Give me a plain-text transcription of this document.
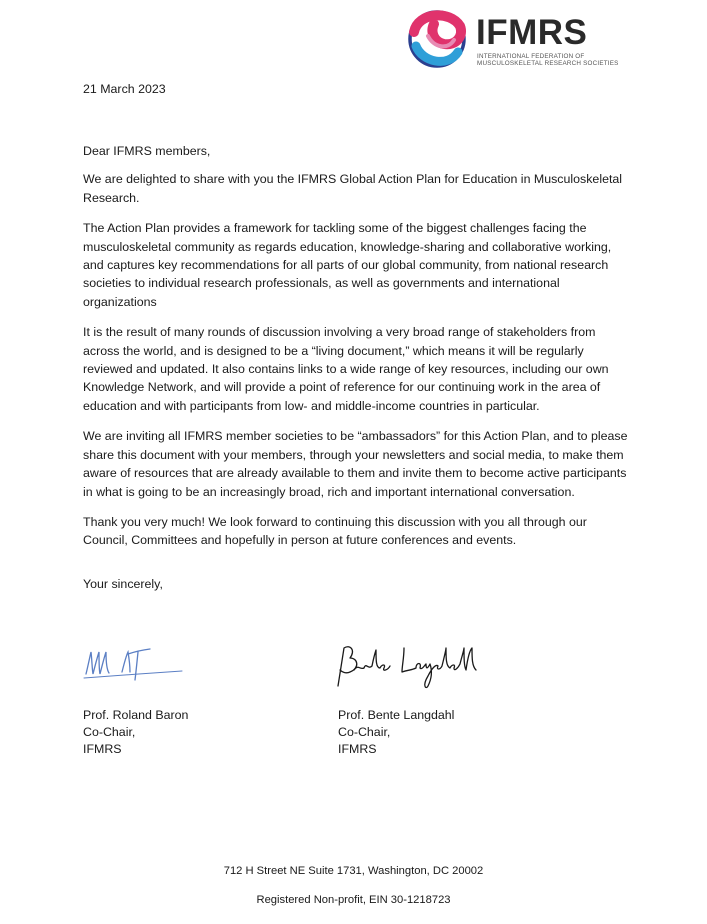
IFMRS
INTERNATIONAL FEDERATION OF
MUSCULOSKELETAL RESEARCH SOCIETIES

21 March 2023

Dear IFMRS members,

We are delighted to share with you the IFMRS Global Action Plan for Education in Musculoskeletal Research.

The Action Plan provides a framework for tackling some of the biggest challenges facing the musculoskeletal community as regards education, knowledge-sharing and collaborative working, and captures key recommendations for all parts of our global community, from national research societies to individual research professionals, as well as governments and international organizations

It is the result of many rounds of discussion involving a very broad range of stakeholders from across the world, and is designed to be a “living document,” which means it will be regularly reviewed and updated. It also contains links to a wide range of key resources, including our own Knowledge Network, and will provide a point of reference for our continuing work in the area of education and with participants from low- and middle-income countries in particular.

We are inviting all IFMRS member societies to be “ambassadors” for this Action Plan, and to please share this document with your members, through your newsletters and social media, to make them aware of resources that are already available to them and invite them to become active participants in what is going to be an increasingly broad, rich and important international conversation.

Thank you very much! We look forward to continuing this discussion with you all through our Council, Committees and hopefully in person at future conferences and events.

Your sincerely,

Prof. Roland Baron
Co-Chair,
IFMRS
Prof. Bente Langdahl
Co-Chair,
IFMRS
712 H Street NE Suite 1731, Washington, DC 20002
Registered Non-profit, EIN 30-1218723
